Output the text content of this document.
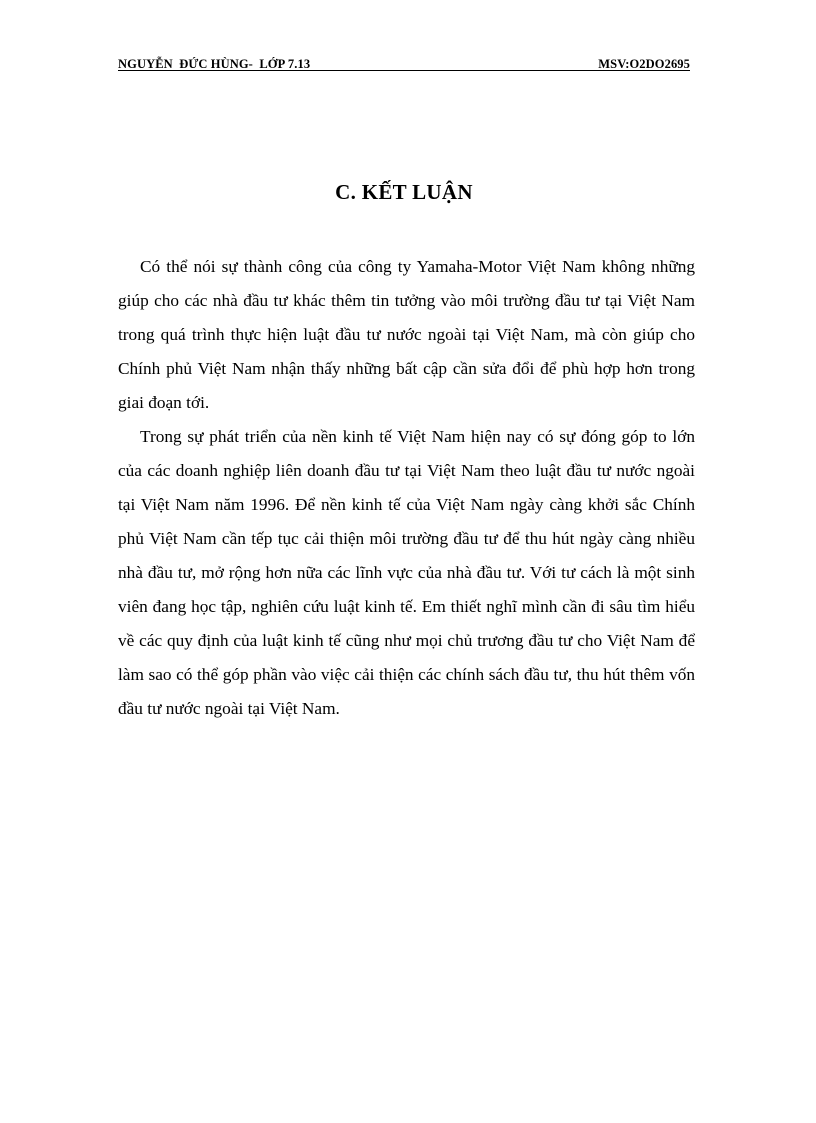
NGUYỄN  ĐỨC HÙNG-  LỚP 7.13	MSV:O2DO2695
C. KẾT LUẬN

Có thể nói sự thành công của công ty Yamaha-Motor Việt Nam không những giúp cho các nhà đầu tư khác thêm tin tưởng vào môi trường đầu tư tại Việt Nam trong quá trình thực hiện luật đầu tư nước ngoài tại Việt Nam, mà còn giúp cho Chính phủ Việt Nam nhận thấy những bất cập cần sửa đổi để phù hợp hơn trong giai đoạn tới.

Trong sự phát triển của nền kinh tế Việt Nam hiện nay có sự đóng góp to lớn của các doanh nghiệp liên doanh đầu tư tại Việt Nam theo luật đầu tư nước ngoài tại Việt Nam năm 1996. Để nền kinh tế của Việt Nam ngày càng khởi sắc Chính phủ Việt Nam cần tếp tục cải thiện môi trường đầu tư để thu hút ngày càng nhiều nhà đầu tư, mở rộng hơn nữa các lĩnh vực của nhà đầu tư. Với tư cách là một sinh viên đang học tập, nghiên cứu luật kinh tế. Em thiết nghĩ mình cần đi sâu tìm hiểu về các quy định của luật kinh tế cũng như mọi chủ trương đầu tư cho Việt Nam để làm sao có thể góp phần vào việc cải thiện các chính sách đầu tư, thu hút thêm vốn đầu tư nước ngoài tại Việt Nam.
